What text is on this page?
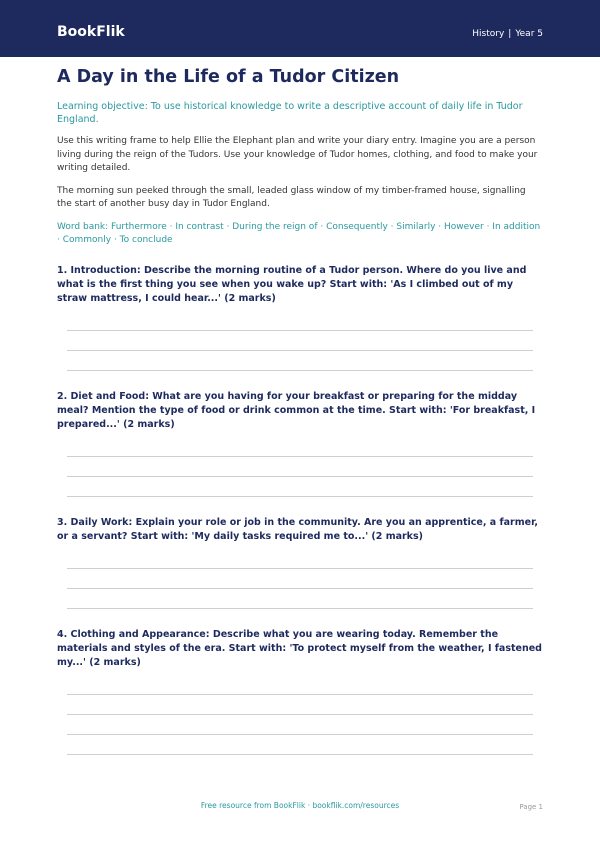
BookFlik	History | Year 5
A Day in the Life of a Tudor Citizen
Learning objective: To use historical knowledge to write a descriptive account of daily life in Tudor England.
Use this writing frame to help Ellie the Elephant plan and write your diary entry. Imagine you are a person living during the reign of the Tudors. Use your knowledge of Tudor homes, clothing, and food to make your writing detailed.
The morning sun peeked through the small, leaded glass window of my timber-framed house, signalling the start of another busy day in Tudor England.
Word bank: Furthermore · In contrast · During the reign of · Consequently · Similarly · However · In addition · Commonly · To conclude
1. Introduction: Describe the morning routine of a Tudor person. Where do you live and what is the first thing you see when you wake up? Start with: 'As I climbed out of my straw mattress, I could hear...' (2 marks)
2. Diet and Food: What are you having for your breakfast or preparing for the midday meal? Mention the type of food or drink common at the time. Start with: 'For breakfast, I prepared...' (2 marks)
3. Daily Work: Explain your role or job in the community. Are you an apprentice, a farmer, or a servant? Start with: 'My daily tasks required me to...' (2 marks)
4. Clothing and Appearance: Describe what you are wearing today. Remember the materials and styles of the era. Start with: 'To protect myself from the weather, I fastened my...' (2 marks)
Free resource from BookFlik · bookflik.com/resources	Page 1
